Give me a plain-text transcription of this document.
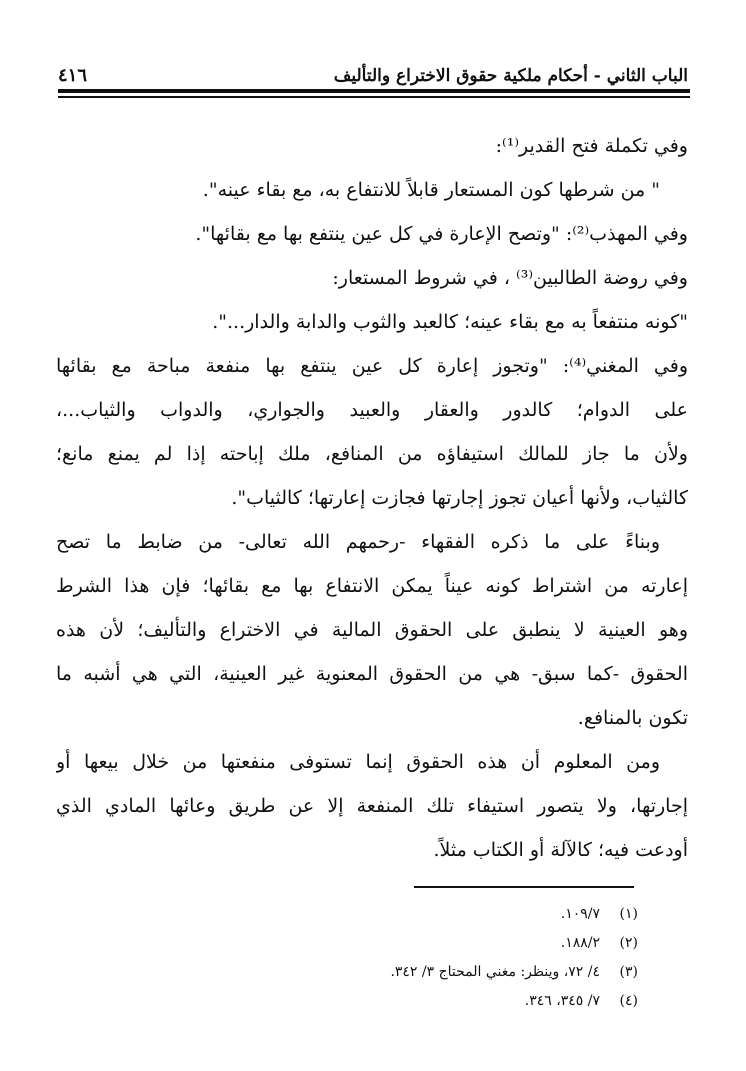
الباب الثاني - أحكام ملكية حقوق الاختراع والتأليف
٤١٦
وفي تكملة فتح القدير⁽¹⁾:
" من شرطها كون المستعار قابلاً للانتفاع به، مع بقاء عينه".
وفي المهذب⁽²⁾: "وتصح الإعارة في كل عين ينتفع بها مع بقائها".
وفي روضة الطالبين⁽³⁾ ، في شروط المستعار:
"كونه منتفعاً به مع بقاء عينه؛ كالعبد والثوب والدابة والدار...".
وفي المغني⁽⁴⁾: "وتجوز إعارة كل عين ينتفع بها منفعة مباحة مع بقائها
على الدوام؛ كالدور والعقار والعبيد والجواري، والدواب والثياب...،
ولأن ما جاز للمالك استيفاؤه من المنافع، ملك إباحته إذا لم يمنع مانع؛
كالثياب، ولأنها أعيان تجوز إجارتها فجازت إعارتها؛ كالثياب".
وبناءً على ما ذكره الفقهاء -رحمهم الله تعالى- من ضابط ما تصح
إعارته من اشتراط كونه عيناً يمكن الانتفاع بها مع بقائها؛ فإن هذا الشرط
وهو العينية لا ينطبق على الحقوق المالية في الاختراع والتأليف؛ لأن هذه
الحقوق -كما سبق- هي من الحقوق المعنوية غير العينية، التي هي أشبه ما
تكون بالمنافع.
ومن المعلوم أن هذه الحقوق إنما تستوفى منفعتها من خلال بيعها أو
إجارتها، ولا يتصور استيفاء تلك المنفعة إلا عن طريق وعائها المادي الذي
أودعت فيه؛ كالآلة أو الكتاب مثلاً.
(١)
١٠٩/٧.
(٢)
١٨٨/٢.
(٣)
٤/ ٧٢، وينظر: مغني المحتاج ٣/ ٣٤٢.
(٤)
٧/ ٣٤٥، ٣٤٦.
